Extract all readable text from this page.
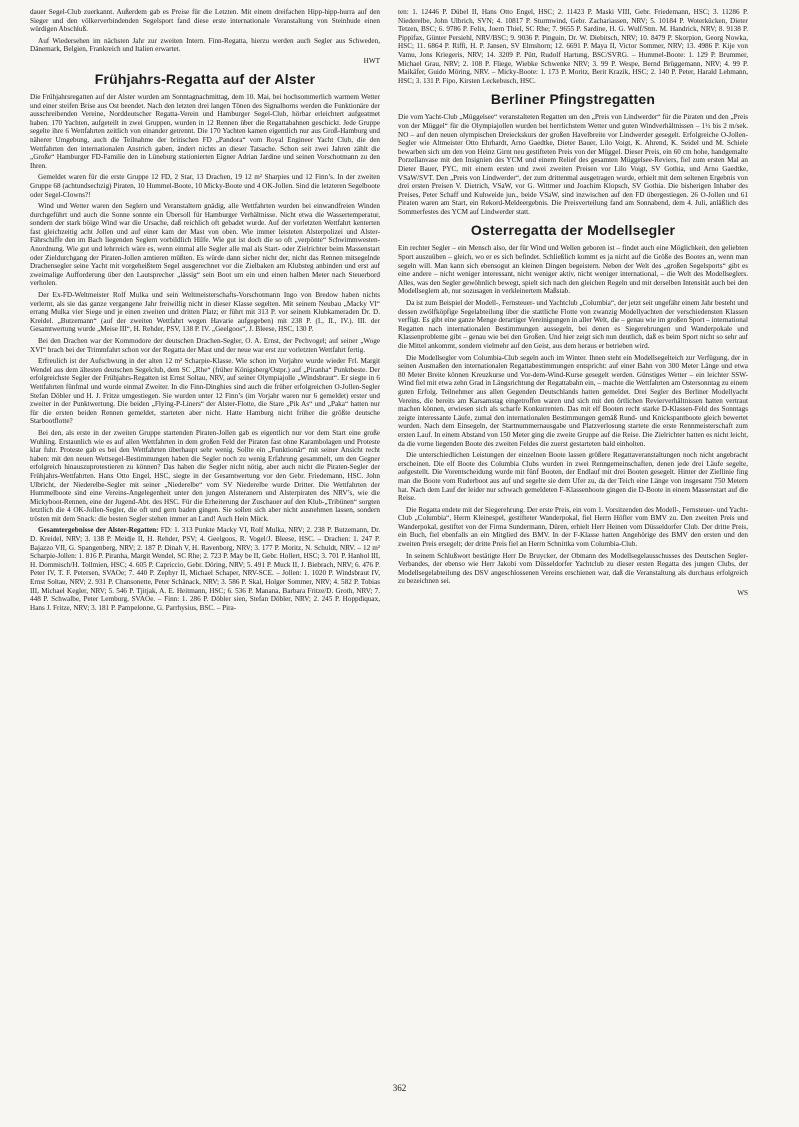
dauer Segel-Club zuerkannt. Außerdem gab es Preise für die Letzten. Mit einem dreifachen Hipp-hipp-hurra auf den Sieger und den völkerverbindenden Segelsport fand diese erste internationale Veranstaltung von Steinhude einen würdigen Abschluß.

Auf Wiedersehen im nächsten Jahr zur zweiten Intern. Finn-Regatta, hierzu werden auch Segler aus Schweden, Dänemark, Belgien, Frankreich und Italien erwartet.

HWT
Frühjahrs-Regatta auf der Alster

Die Frühjahrsregatten auf der Alster wurden am Sonntagnachmittag, dem 10. Mai, bei hochsommerlich warmem Wetter und einer steifen Brise aus Ost beendet. Nach den letzten drei langen Tönen des Signalhorns werden die Funktionäre der ausschreibenden Vereine, Norddeutscher Regatta-Verein und Hamburger Segel-Club, hörbar erleichtert aufgeatmet haben. 170 Yachten, aufgeteilt in zwei Gruppen, wurden in 12 Rennen über die Regattabahnen geschickt. Jede Gruppe segelte ihre 6 Wettfahrten zeitlich von einander getrennt. Die 170 Yachten kamen eigentlich nur aus Groß-Hamburg und näherer Umgebung, auch die Teilnahme der britischen FD „Pandora“ vom Royal Engineer Yacht Club, die den Wettfahrten den internationalen Anstrich gaben, ändert nichts an dieser Tatsache. Schon seit zwei Jahren zählt die „Große“ Hamburger FD-Familie den in Lüneburg stationierten Eigner Adrian Jardine und seinen Vorschotmann zu den Ihren.

Gemeldet waren für die erste Gruppe 12 FD, 2 Star, 13 Drachen, 19 12 m² Sharpies und 12 Finn’s. In der zweiten Gruppe 68 (achtundsechzig) Piraten, 10 Hummel-Boote, 10 Micky-Boote und 4 OK-Jollen. Sind die letzteren Segelboote oder Segel-Clowns?!

Wind und Wetter waren den Seglern und Veranstaltern gnädig, alle Wettfahrten wurden bei einwandfreien Winden durchgeführt und auch die Sonne sonnte ein Übersoll für Hamburger Verhältnisse. Nicht etwa die Wassertemperatur, sondern der stark böige Wind war die Ursache, daß reichlich oft gebadet wurde. Auf der vorletzten Wettfahrt kenterten fast gleichzeitig acht Jollen und auf einer kam der Mast von oben. Wie immer leisteten Alsterpolizei und Alster-Fährschiffe den im Bach liegenden Seglern vorbildlich Hilfe. Wie gut ist doch die so oft „verpönte“ Schwimmwesten-Anordnung. Wie gut und lehrreich wäre es, wenn einmal alle Segler alle mal als Start- oder Zielrichter beim Massenstart oder Zieldurchgang der Piraten-Jollen amtieren müßten. Es würde dann sicher nicht der, nicht das Rennen mitsegelnde Drachensegler seine Yacht mit vorgeheißtem Segel ausgerechnet vor die Zielbaken am Klubsteg anbinden und erst auf zweimalige Aufforderung über den Lautsprecher „lässig“ sein Boot um ein und einen halben Meter nach Steuerbord verholen.

Der Ex-FD-Weltmeister Rolf Mulka und sein Weltmeisterschafts-Vorschotmann Ingo von Bredow haben nichts verlernt, als sie das ganze vergangene Jahr freiwillig nicht in dieser Klasse segelten. Mit seinem Neubau „Macky VI“ errang Mulka vier Siege und je einen zweiten und dritten Platz; er führt mit 313 P. vor seinem Klubkameraden Dr. D. Kreidel. „Butzemann“ (auf der zweiten Wettfahrt wegen Havarie aufgegeben) mit 238 P. (I., II., IV.). III. der Gesamtwertung wurde „Meise III“, H. Rehder, PSV, 138 P. IV. „Geelgoos“, J. Bleese, HSC, 130 P.

Bei den Drachen war der Kommodore der deutschen Drachen-Segler, O. A. Ernst, der Pechvogel; auf seiner „Woge XVI“ brach bei der Trimmfahrt schon vor der Regatta der Mast und der neue war erst zur vorletzten Wettfahrt fertig.

Erfreulich ist der Aufschwung in der alten 12 m² Scharpie-Klasse. Wie schon im Vorjahre wurde wieder Frl. Margit Wendel aus dem ältesten deutschen Segelclub, dem SC „Rhe“ (früher Königsberg/Ostpr.) auf „Piranha“ Punktbeste. Der erfolgreichste Segler der Frühjahrs-Regatten ist Ernst Soltau, NRV, auf seiner Olympiajolle „Windsbraut“. Er siegte in 6 Wettfahrten fünfmal und wurde einmal Zweiter. In die Finn-Dinghies sind auch die früher erfolgreichen O-Jollen-Segler Stefan Döbler und H. J. Fritze umgestiegen. Sie wurden unter 12 Finn’s (im Vorjahr waren nur 6 gemeldet) erster und zweiter in der Punktwertung. Die beiden „Flying-P-Liners“ der Alster-Flotte, die Stare „Pik As“ und „Paka“ hatten nur für die ersten beiden Rennen gemeldet, starteten aber nicht. Hatte Hamburg nicht früher die größte deutsche Starbootflotte?

Bei den, als erste in der zweiten Gruppe startenden Piraten-Jollen gab es eigentlich nur vor dem Start eine große Wuhling. Erstaunlich wie es auf allen Wettfahrten in dem großen Feld der Piraten fast ohne Karambolagen und Proteste klar fuhr. Proteste gab es bei den Wettfahrten überhaupt sehr wenig. Sollte ein „Funktionär“ mit seiner Ansicht recht haben: mit den neuen Wettsegel-Bestimmungen haben die Segler noch zu wenig Erfahrung gesammelt, um den Gegner erfolgreich hinauszuprotestieren zu können? Das haben die Segler nicht nötig, aber auch nicht die Piraten-Segler der Frühjahrs-Wettfahrten. Hans Otto Engel, HSC, siegte in der Gesamtwertung vor den Gebr. Friedemann, HSC. John Ulbricht, der Niederelbe-Segler mit seiner „Niederelbe“ vom SV Niederelbe wurde Dritter. Die Wettfahrten der Hummelboote sind eine Vereins-Angelegenheit unter den jungen Alsteranern und Alsterpiraten des NRV’s, wie die Mickyboot-Rennen, eine der Jugend-Abt. des HSC. Für die Erheiterung der Zuschauer auf den Klub-„Tribünen“ sorgten letztlich die 4 OK-Jollen-Segler, die oft und gern baden gingen. Sie sollen sich aber nicht ausnehmen lassen, sondern trösten mit dem Snack: die besten Segler stehen immer an Land! Auch Hein Mück.

Gesamtergebnisse der Alster-Regatten: FD: 1. 313 Punkte Macky VI, Rolf Mulka, NRV; 2. 238 P. Butzemann, Dr. D. Kreidel, NRV; 3. 138 P. Meidje II, H. Rehder, PSV; 4. Geelgoos, R. Vogel/J. Bleese, HSC. – Drachen: 1. 247 P. Bajazzo VII, G. Spangenberg, NRV; 2. 187 P. Dinah V, H. Ravenborg, NRV; 3. 177 P. Moritz, N. Schuldt, NRV. – 12 m² Scharpie-Jollen: 1. 816 P. Piranha, Margit Wendel, SC Rhe; 2. 723 P. May be II, Gebr. Hollert, HSC; 3. 701 P. Hanhol III, H. Dommisch/H. Tollmien, HSC; 4. 605 P. Capriccio, Gebr. Döring, NRV; 5. 491 P. Muck II, J. Biebrach, NRV; 6. 476 P. Peter IV, T. F. Petersen, SVAOe; 7. 440 P. Zephyr II, Michael Schaper, NRV-SCE. – Jollen: 1. 1020 P. Windsbraut IV, Ernst Soltau, NRV; 2. 931 P. Chansonette, Peter Schänack, NRV; 3. 586 P. Skal, Holger Sommer, NRV; 4. 582 P. Tobias III, Michael Kegler, NRV; 5. 546 P. Tjitjak, A. E. Heitmann, HSC; 6. 536 P. Manana, Barbara Fritze/D. Groth, NRV; 7. 448 P. Schwalbe, Peter Lemburg, SVAOe. – Finn: 1. 286 P. Döbler sien, Stefan Döbler, NRV; 2. 245 P. Hoppdiquax, Hans J. Fritze, NRV; 3. 181 P. Pampelonne, G. Parrhysius, BSC. – Pira-

ten: 1. 12446 P. Dübel II, Hans Otto Engel, HSC; 2. 11423 P. Maski VIII, Gebr. Friedemann, HSC; 3. 11286 P. Niederelbe, John Ulbrich, SVN; 4. 10817 P. Sturmwind, Gebr. Zachariassen, NRV; 5. 10184 P. Woterkücken, Dieter Tetzen, BSC; 6. 9786 P. Felix, Joern Thiel, SC Rhe; 7. 9655 P. Sardine, H. G. Wulf/Stm. M. Handrick, NRV; 8. 9138 P. Pippifax, Günter Persiehl, NRV/BSC; 9. 9036 P. Pinguin, Dr. W. Diebitsch, NRV; 10. 8479 P. Skorpion, Georg Nowka, HSC; 11. 6864 P. Riffi, H. P. Jansen, SV Elmshorn; 12. 6691 P. Maya II, Victor Sommer, NRV; 13. 4986 P. Kije von Vamu, Jons Kriegeris, NRV; 14. 3209 P. Pütt, Rudolf Hartung, BSC/SVRG. – Hummel-Boote: 1. 129 P. Brummer, Michael Grau, NRV; 2. 108 P. Fliege, Wiebke Schwenke NRV; 3. 99 P. Wespe, Bernd Brüggemann, NRV; 4. 99 P. Maikäfer, Guido Möring, NRV. – Micky-Boote: 1. 173 P. Moritz, Berit Krazik, HSC; 2. 140 P. Peter, Harald Lehmann, HSC; 3. 131 P. Fipo, Kirsten Leckebusch, HSC.

Berliner Pfingstregatten

Die vom Yacht-Club „Müggelsee“ veranstalteten Regatten um den „Preis von Lindwerder“ für die Piraten und den „Preis von der Müggel“ für die Olympiajollen wurden bei herrlichstem Wetter und guten Windverhältnissen – 1½ bis 2 m/sek. NO – auf den neuen olympischen Dreieckskurs der großen Havelbreite vor Lindwerder gesegelt. Erfolgreiche O-Jollen-Segler wie Altmeister Otto Ehrhardt, Arno Gaedtke, Dieter Bauer, Lilo Voigt, K. Ahrend, K. Seidel und M. Schiele bewarben sich um den von Heinz Girnt neu gestifteten Preis von der Müggel. Dieser Preis, ein 60 cm hohe, handgemalte Porzellanvase mit den Insignien des YCM und einem Relief des gesamten Müggelsee-Reviers, fiel zum ersten Mal an Dieter Bauer, PYC, mit einem ersten und zwei zweiten Preisen vor Lilo Voigt, SV Gothia, und Arno Gaedtke, VSaW/SVT. Den „Preis von Lindwerder“, der zum drittenmal ausgetragen wurde, erhielt mit dem seltenen Ergebnis von drei ersten Preisen V. Dietrich, VSaW, vor G. Wittmer und Joachim Klopsch, SV Gothia. Die bisherigen Inhaber des Preises, Peter Schaff und Kuhweide jun., beide VSaW, sind inzwischen auf den FD übergestiegen. 26 O-Jollen und 61 Piraten waren am Start, ein Rekord-Meldeergebnis. Die Preisverteilung fand am Sonnabend, dem 4. Juli, anläßlich des Sommerfestes des YCM auf Lindwerder statt.

Osterregatta der Modellsegler

Ein rechter Segler – ein Mensch also, der für Wind und Wellen geboren ist – findet auch eine Möglichkeit, den geliebten Sport auszuüben – gleich, wo er es sich befindet. Schließlich kommt es ja nicht auf die Größe des Bootes an, wenn man segeln will. Man kann sich ebensogut an kleinen Dingen begeistern. Neben der Welt des „großen Segelsports“ gibt es eine andere – nicht weniger interessant, nicht weniger aktiv, nicht weniger international, – die Welt des Modellseglers. Alles, was den Segler gewöhnlich bewegt, spielt sich nach den gleichen Regeln und mit derselben Intensität auch bei den Modellseglern ab, nur sozusagen in verkleinertem Maßstab.

Da ist zum Beispiel der Modell-, Fernsteuer- und Yachtclub „Columbia“, der jetzt seit ungefähr einem Jahr besteht und dessen zwölfköpfige Segelabteilung über die stattliche Flotte von zwanzig Modellyachten der verschiedensten Klassen verfügt. Es gibt eine ganze Menge derartiger Vereinigungen in aller Welt, die – genau wie im großen Sport – international Regatten nach internationalen Bestimmungen aussegeln, bei denen es Siegerehrungen und Wanderpokale und Klassenprobleme gibt – genau wie bei den Großen. Und hier zeigt sich nun deutlich, daß es beim Sport nicht so sehr auf die Mittel ankommt, sondern vielmehr auf den Geist, aus dem heraus er betrieben wird.

Die Modellsegler vom Columbia-Club segeln auch im Winter. Ihnen steht ein Modellsegelteich zur Verfügung, der in seinen Ausmaßen den internationalen Regattabestimmungen entspricht: auf einer Bahn von 300 Meter Länge und etwa 80 Meter Breite können Kreuzkurse und Vor-dem-Wind-Kurse gesegelt werden. Günstiges Wetter – ein leichter SSW-Wind fiel mit etwa zehn Grad in Längsrichtung der Regattabahn ein, – machte die Wettfahrten am Ostersonntag zu einem guten Erfolg. Teilnehmer aus allen Gegenden Deutschlands hatten gemeldet. Drei Segler des Berliner Modellyacht Vereins, die bereits am Karsamstag eingetroffen waren und sich mit den örtlichen Revierverhältnissen hatten vertraut machen können, erwiesen sich als scharfe Konkurrenten. Das mit elf Booten recht starke D-Klassen-Feld des Sonntags zeigte interessante Läufe, zumal den internationalen Bestimmungen gemäß Rund- und Knickspantboote gleich bewertet wurden. Nach dem Einsegeln, der Startnummernausgabe und Platzverlosung startete die erste Rennmeisterschaft zum ersten Lauf. In einem Abstand von 150 Meter ging die zweite Gruppe auf die Reise. Die Zielrichter hatten es nicht leicht, da die vorne liegenden Boote des zweiten Feldes die zuerst gestarteten bald einholten.

Die unterschiedlichen Leistungen der einzelnen Boote lassen größere Regattaveranstaltungen noch nicht angebracht erscheinen. Die elf Boote des Columbia Clubs wurden in zwei Renngemeinschaften, denen jede drei Läufe segelte, aufgestellt. Die Vorentscheidung wurde mit fünf Booten, der Endlauf mit drei Booten gesegelt. Hinter der Ziellinie fing man die Boote vom Ruderboot aus auf und segelte sie dem Ufer zu, da der Teich eine Länge von insgesamt 750 Metern hat. Nach dem Lauf der leider nur schwach gemeldeten F-Klassenboote gingen die D-Boote in einem Massenstart auf die Reise.

Die Regatta endete mit der Siegerehrung. Der erste Preis, ein vom 1. Vorsitzenden des Modell-, Fernsteuer- und Yacht-Club „Columbia“, Herrn Kleinespel, gestifteter Wanderpokal, fiel Herrn Höfler vom BMV zu. Den zweiten Preis und Wanderpokal, gestiftet von der Firma Sundermann, Düren, erhielt Herr Heinen vom Düsseldorfer Club. Der dritte Preis, ein Buch, fiel ebenfalls an ein Mitglied des BMV. In der F-Klasse hatten Angehörige des BMV den ersten und den zweiten Preis ersegelt; der dritte Preis fiel an Herrn Schnittka vom Columbia-Club.

In seinem Schlußwort bestätigte Herr De Bruycker, der Obmann des Modellsegelausschusses des Deutschen Segler-Verbandes, der ebenso wie Herr Jakobi vom Düsseldorfer Yachtclub zu dieser ersten Regatta des jungen Clubs, der Modellsegelabteilung des DSV angeschlossenen Vereins erschienen war, daß die Veranstaltung als durchaus erfolgreich zu bezeichnen sei.

WS
362
